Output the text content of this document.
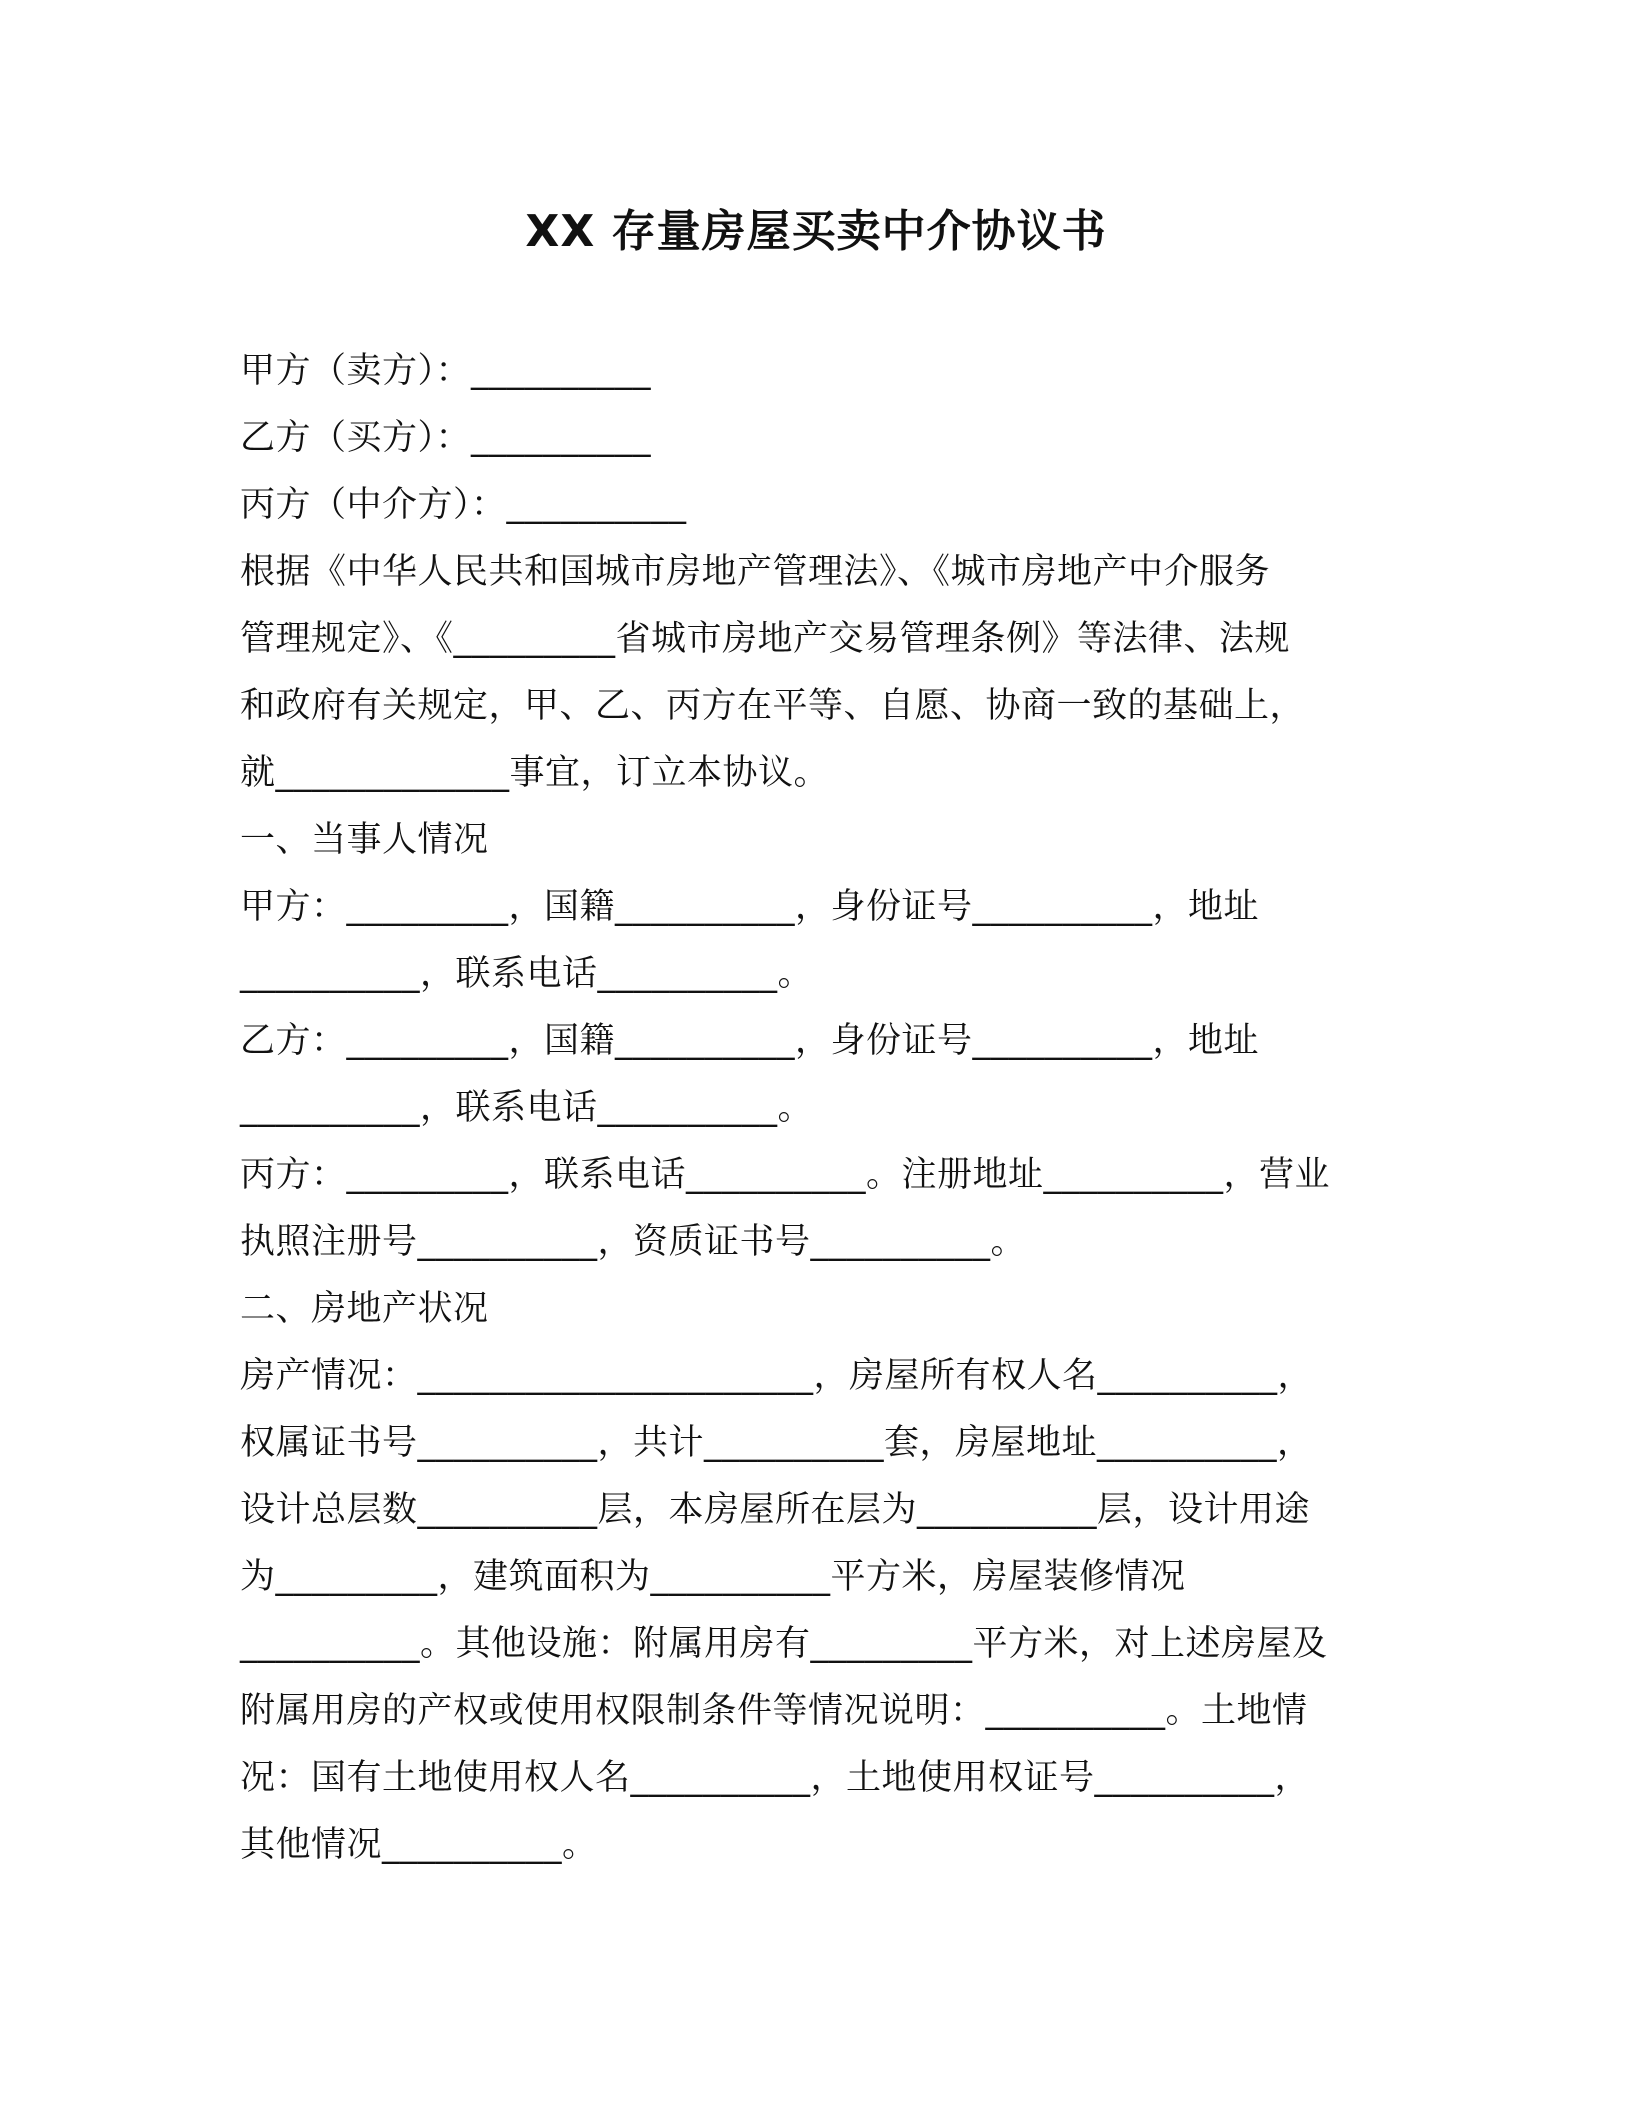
XX 存量房屋买卖中介协议书
甲方（卖方）：__________
乙方（买方）：__________
丙方（中介方）：__________
根据《中华人民共和国城市房地产管理法》、《城市房地产中介服务
管理规定》、《_________省城市房地产交易管理条例》等法律、法规
和政府有关规定，甲、乙、丙方在平等、自愿、协商一致的基础上，
就_____________事宜，订立本协议。
一、当事人情况
甲方：_________，国籍__________，身份证号__________，地址
__________，联系电话__________。
乙方：_________，国籍__________，身份证号__________，地址
__________，联系电话__________。
丙方：_________，联系电话__________。注册地址__________，营业
执照注册号__________，资质证书号__________。
二、房地产状况
房产情况：______________________，房屋所有权人名__________，
权属证书号__________，共计__________套，房屋地址__________，
设计总层数__________层，本房屋所在层为__________层，设计用途
为_________，建筑面积为__________平方米，房屋装修情况
__________。其他设施：附属用房有_________平方米，对上述房屋及
附属用房的产权或使用权限制条件等情况说明：__________。土地情
况：国有土地使用权人名__________，土地使用权证号__________，
其他情况__________。
